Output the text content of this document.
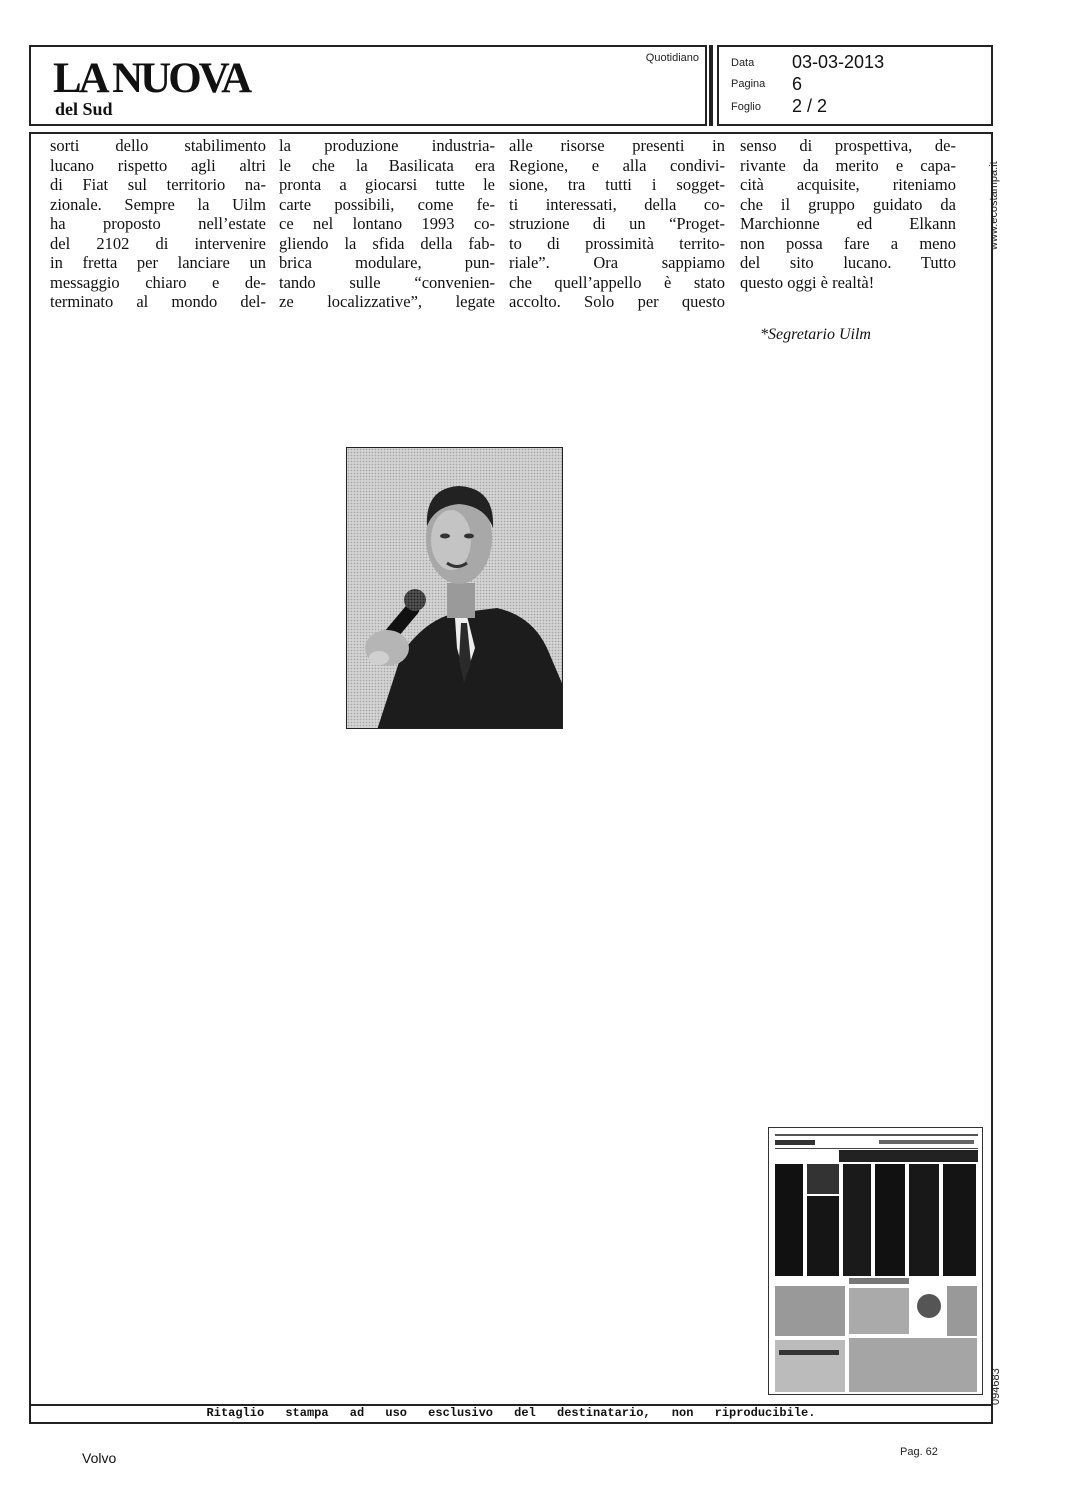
LA NUOVA
del Sud
Quotidiano	Data 03-03-2013
Pagina 6
Foglio 2 / 2
sorti dello stabilimento
lucano rispetto agli altri
di Fiat sul territorio na-
zionale. Sempre la Uilm
ha proposto nell’estate
del 2102 di intervenire
in fretta per lanciare un
messaggio chiaro e de-
terminato al mondo del-
la produzione industria-
le che la Basilicata era
pronta a giocarsi tutte le
carte possibili, come fe-
ce nel lontano 1993 co-
gliendo la sfida della fab-
brica modulare, pun-
tando sulle “convenien-
ze localizzative”, legate
alle risorse presenti in
Regione, e alla condivi-
sione, tra tutti i sogget-
ti interessati, della co-
struzione di un “Proget-
to di prossimità territo-
riale”. Ora sappiamo
che quell’appello è stato
accolto. Solo per questo
senso di prospettiva, de-
rivante da merito e capa-
cità acquisite, riteniamo
che il gruppo guidato da
Marchionne ed Elkann
non possa fare a meno
del sito lucano. Tutto
questo oggi è realtà!
*Segretario Uilm
www.ecostampa.it
094683
Ritaglio stampa ad uso esclusivo del destinatario, non riproducibile.
Volvo	Pag. 62
